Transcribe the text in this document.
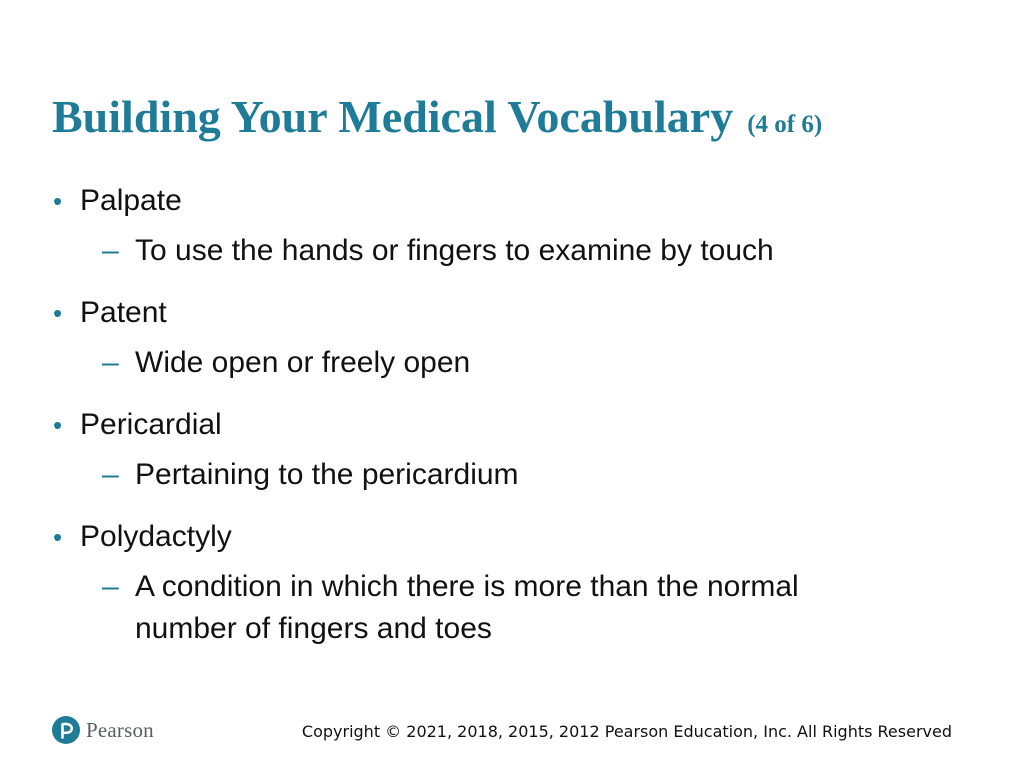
Building Your Medical Vocabulary (4 of 6)
• Palpate
– To use the hands or fingers to examine by touch
• Patent
– Wide open or freely open
• Pericardial
– Pertaining to the pericardium
• Polydactyly
– A condition in which there is more than the normal number of fingers and toes
Pearson	Copyright © 2021, 2018, 2015, 2012 Pearson Education, Inc. All Rights Reserved
